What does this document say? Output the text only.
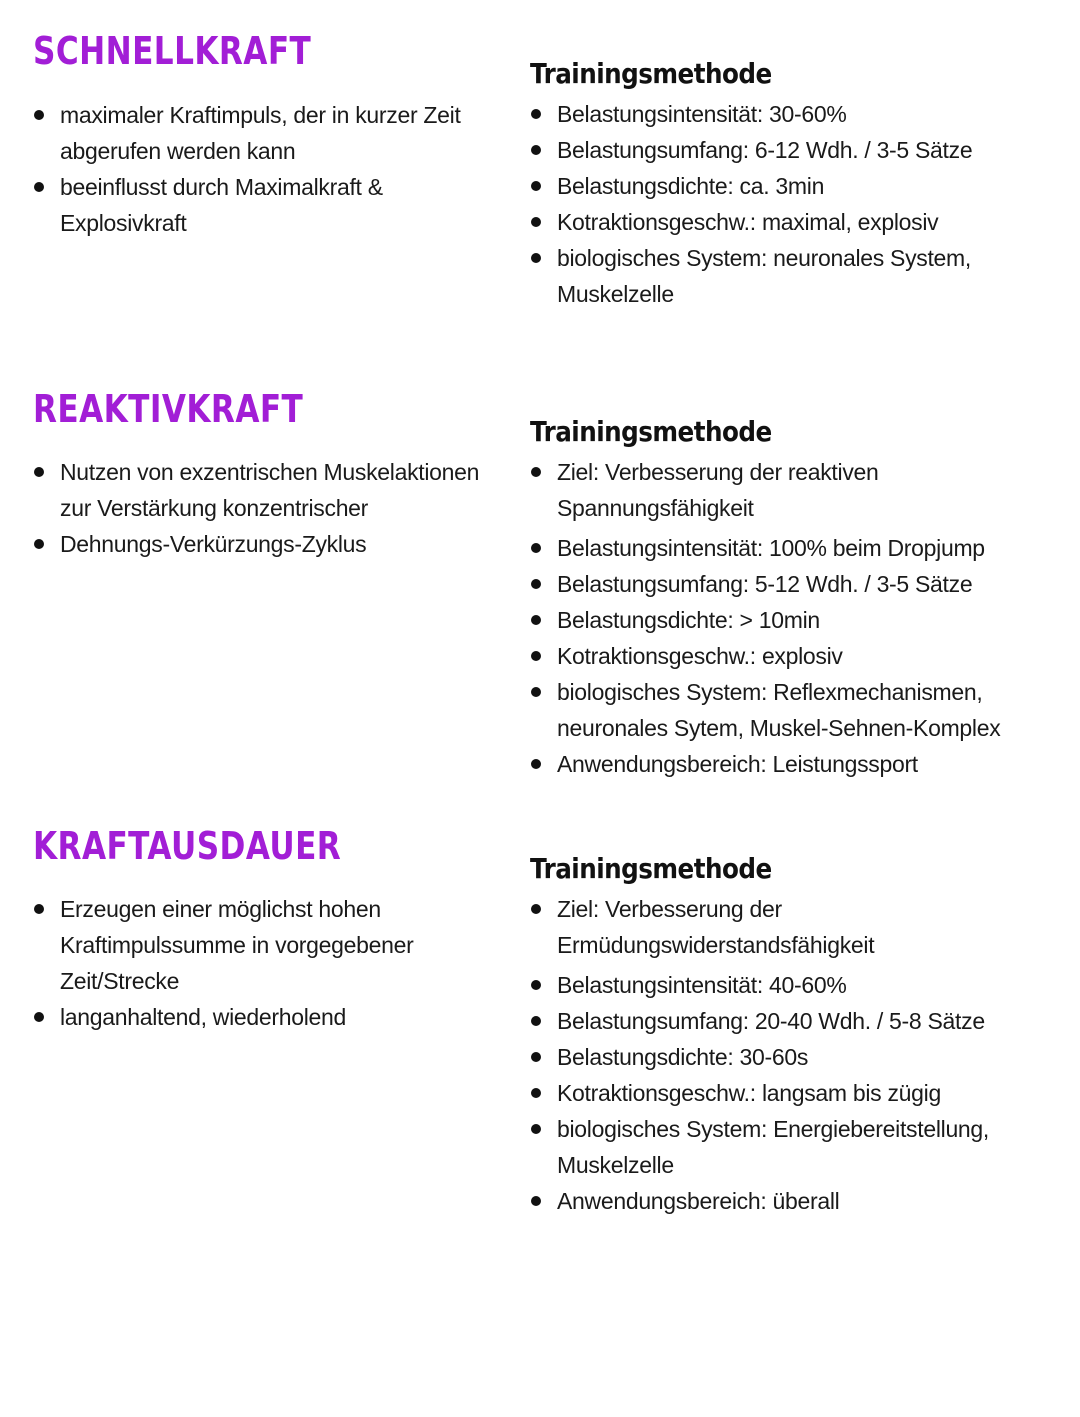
SCHNELLKRAFT
maximaler Kraftimpuls, der in kurzer Zeit abgerufen werden kann
beeinflusst durch Maximalkraft & Explosivkraft
Trainingsmethode
Belastungsintensität: 30-60%
Belastungsumfang: 6-12 Wdh. / 3-5 Sätze
Belastungsdichte: ca. 3min
Kotraktionsgeschw.: maximal, explosiv
biologisches System: neuronales System, Muskelzelle
REAKTIVKRAFT
Nutzen von exzentrischen Muskelaktionen zur Verstärkung konzentrischer
Dehnungs-Verkürzungs-Zyklus
Trainingsmethode
Ziel: Verbesserung der reaktiven Spannungsfähigkeit
Belastungsintensität: 100% beim Dropjump
Belastungsumfang: 5-12 Wdh. / 3-5 Sätze
Belastungsdichte: > 10min
Kotraktionsgeschw.: explosiv
biologisches System: Reflexmechanismen, neuronales Sytem, Muskel-Sehnen-Komplex
Anwendungsbereich: Leistungssport
KRAFTAUSDAUER
Erzeugen einer möglichst hohen Kraftimpulssumme in vorgegebener Zeit/Strecke
langanhaltend, wiederholend
Trainingsmethode
Ziel: Verbesserung der Ermüdungswiderstandsfähigkeit
Belastungsintensität: 40-60%
Belastungsumfang: 20-40 Wdh. / 5-8 Sätze
Belastungsdichte: 30-60s
Kotraktionsgeschw.: langsam bis zügig
biologisches System: Energiebereitstellung, Muskelzelle
Anwendungsbereich: überall
